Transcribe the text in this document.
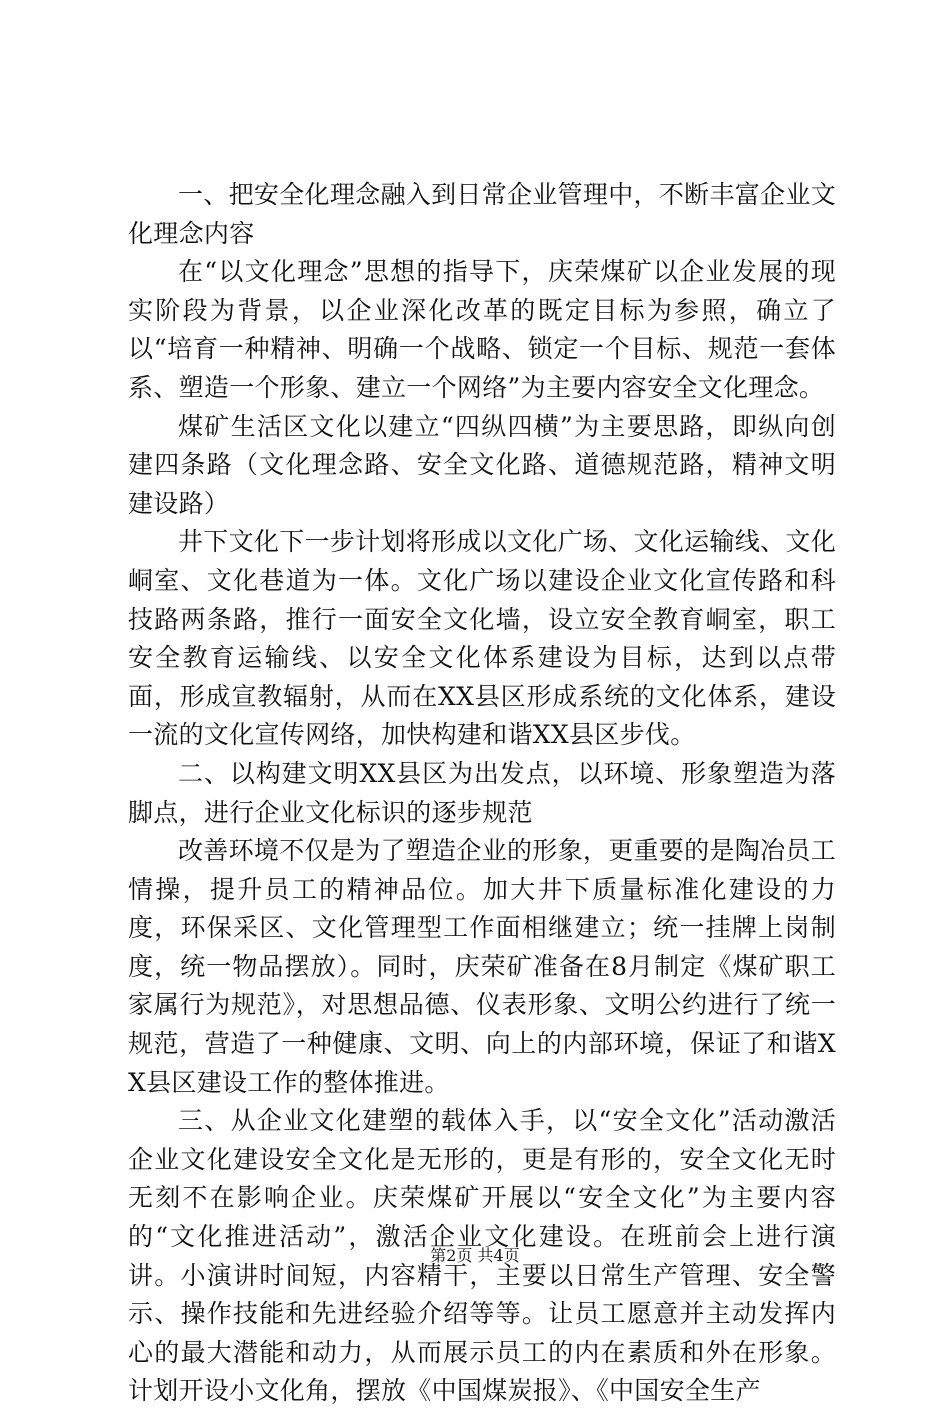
一、把安全化理念融入到日常企业管理中，不断丰富企业文化理念内容

在“以文化理念”思想的指导下，庆荣煤矿以企业发展的现实阶段为背景，以企业深化改革的既定目标为参照，确立了以“培育一种精神、明确一个战略、锁定一个目标、规范一套体系、塑造一个形象、建立一个网络”为主要内容安全文化理念。

煤矿生活区文化以建立“四纵四横”为主要思路，即纵向创建四条路（文化理念路、安全文化路、道德规范路，精神文明建设路）

井下文化下一步计划将形成以文化广场、文化运输线、文化峒室、文化巷道为一体。文化广场以建设企业文化宣传路和科技路两条路，推行一面安全文化墙，设立安全教育峒室，职工安全教育运输线、以安全文化体系建设为目标，达到以点带面，形成宣教辐射，从而在XX县区形成系统的文化体系，建设一流的文化宣传网络，加快构建和谐XX县区步伐。

二、以构建文明XX县区为出发点，以环境、形象塑造为落脚点，进行企业文化标识的逐步规范

改善环境不仅是为了塑造企业的形象，更重要的是陶冶员工情操，提升员工的精神品位。加大井下质量标准化建设的力度，环保采区、文化管理型工作面相继建立；统一挂牌上岗制度，统一物品摆放）。同时，庆荣矿准备在8月制定《煤矿职工家属行为规范》，对思想品德、仪表形象、文明公约进行了统一规范，营造了一种健康、文明、向上的内部环境，保证了和谐XX县区建设工作的整体推进。

三、从企业文化建塑的载体入手，以“安全文化”活动激活企业文化建设安全文化是无形的，更是有形的，安全文化无时无刻不在影响企业。庆荣煤矿开展以“安全文化”为主要内容的“文化推进活动”，激活企业文化建设。在班前会上进行演讲。小演讲时间短，内容精干，主要以日常生产管理、安全警示、操作技能和先进经验介绍等等。让员工愿意并主动发挥内心的最大潜能和动力，从而展示员工的内在素质和外在形象。计划开设小文化角，摆放《中国煤炭报》、《中国安全生产

第2页 共4页
